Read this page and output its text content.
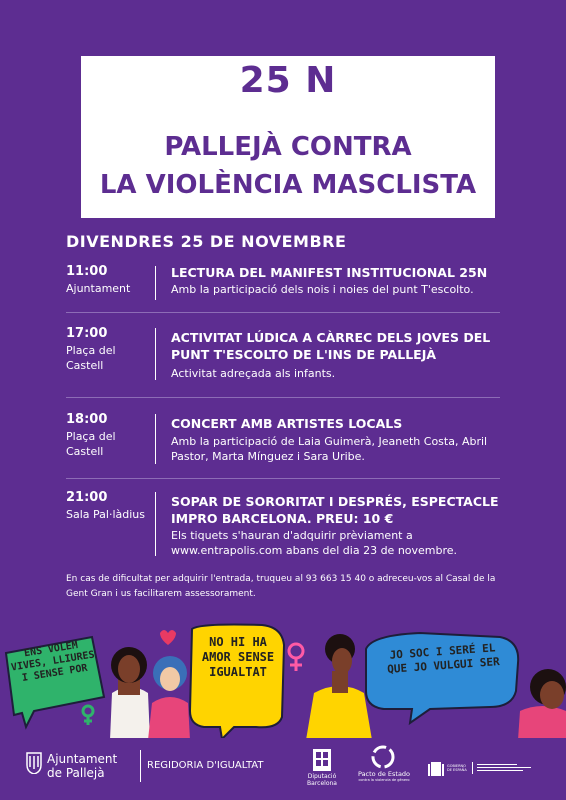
25 N
PALLEJÀ CONTRA
LA VIOLÈNCIA MASCLISTA
DIVENDRES 25 DE NOVEMBRE
11:00
Ajuntament
LECTURA DEL MANIFEST INSTITUCIONAL 25N
Amb la participació dels nois i noies del punt T'escolto.
17:00
Plaça del Castell
ACTIVITAT LÚDICA A CÀRREC DELS JOVES DEL PUNT T'ESCOLTO DE L'INS DE PALLEJÀ
Activitat adreçada als infants.
18:00
Plaça del Castell
CONCERT AMB ARTISTES LOCALS
Amb la participació de Laia Guimerà, Jeaneth Costa, Abril Pastor, Marta Mínguez i Sara Uribe.
21:00
Sala Pal·làdius
SOPAR DE SORORITAT I DESPRÉS, ESPECTACLE IMPRO BARCELONA. PREU: 10 €
Els tiquets s'hauran d'adquirir prèviament a www.entrapolis.com abans del dia 23 de novembre.
En cas de dificultat per adquirir l'entrada, truqueu al 93 663 15 40 o adreceu-vos al Casal de la Gent Gran i us facilitarem assessorament.
ENS VOLEM VIVES, LLIURES I SENSE POR
NO HI HA AMOR SENSE IGUALTAT
JO SOC I SERÉ EL QUE JO VULGUI SER
Ajuntament
de Pallejà
REGIDORIA D'IGUALTAT
Diputació
Barcelona
Pacto de Estado
contra la violencia de género
GOBIERNO DE ESPAÑA
